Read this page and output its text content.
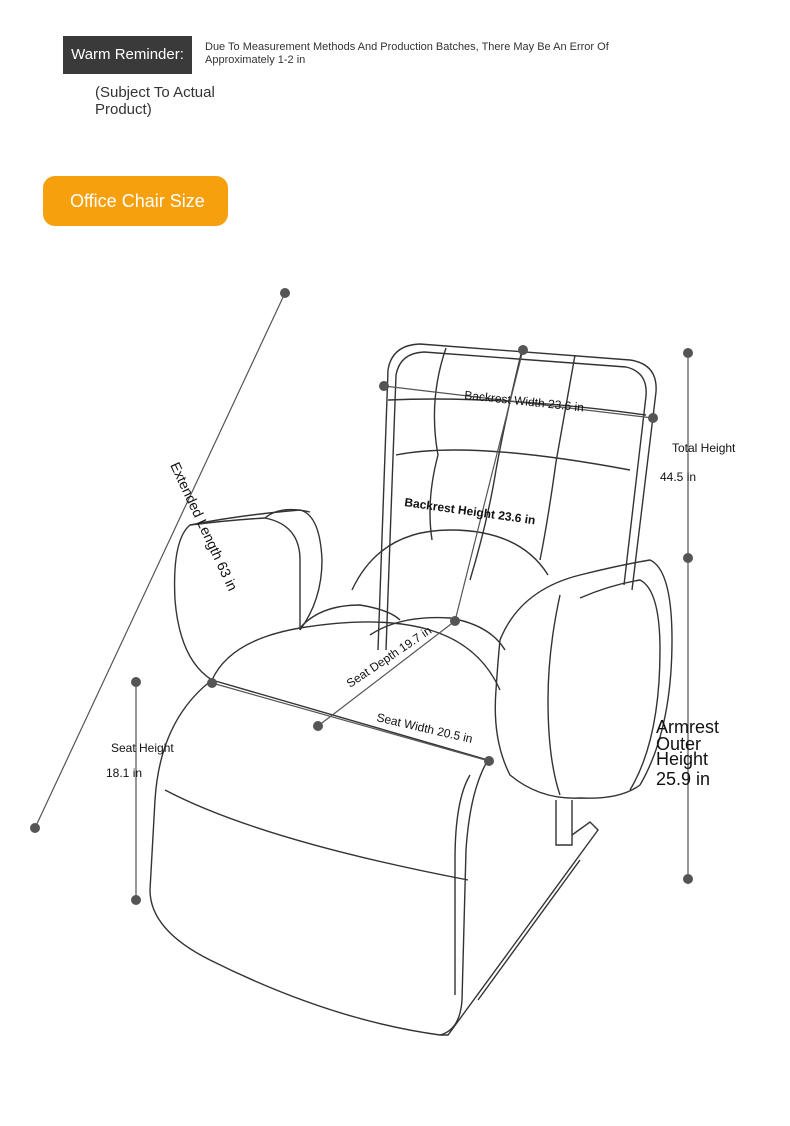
Warm Reminder:	Due To Measurement Methods And Production Batches, There May Be An Error Of Approximately 1-2 in
(Subject To Actual Product)
Office Chair Size
Extended Length 63 in
Backrest Width 23.6 in
Backrest Height 23.6 in
Seat Depth 19.7 in
Seat Width 20.5 in
Total Height
44.5 in
Seat Height
18.1 in
Armrest
Outer
Height
25.9 in
